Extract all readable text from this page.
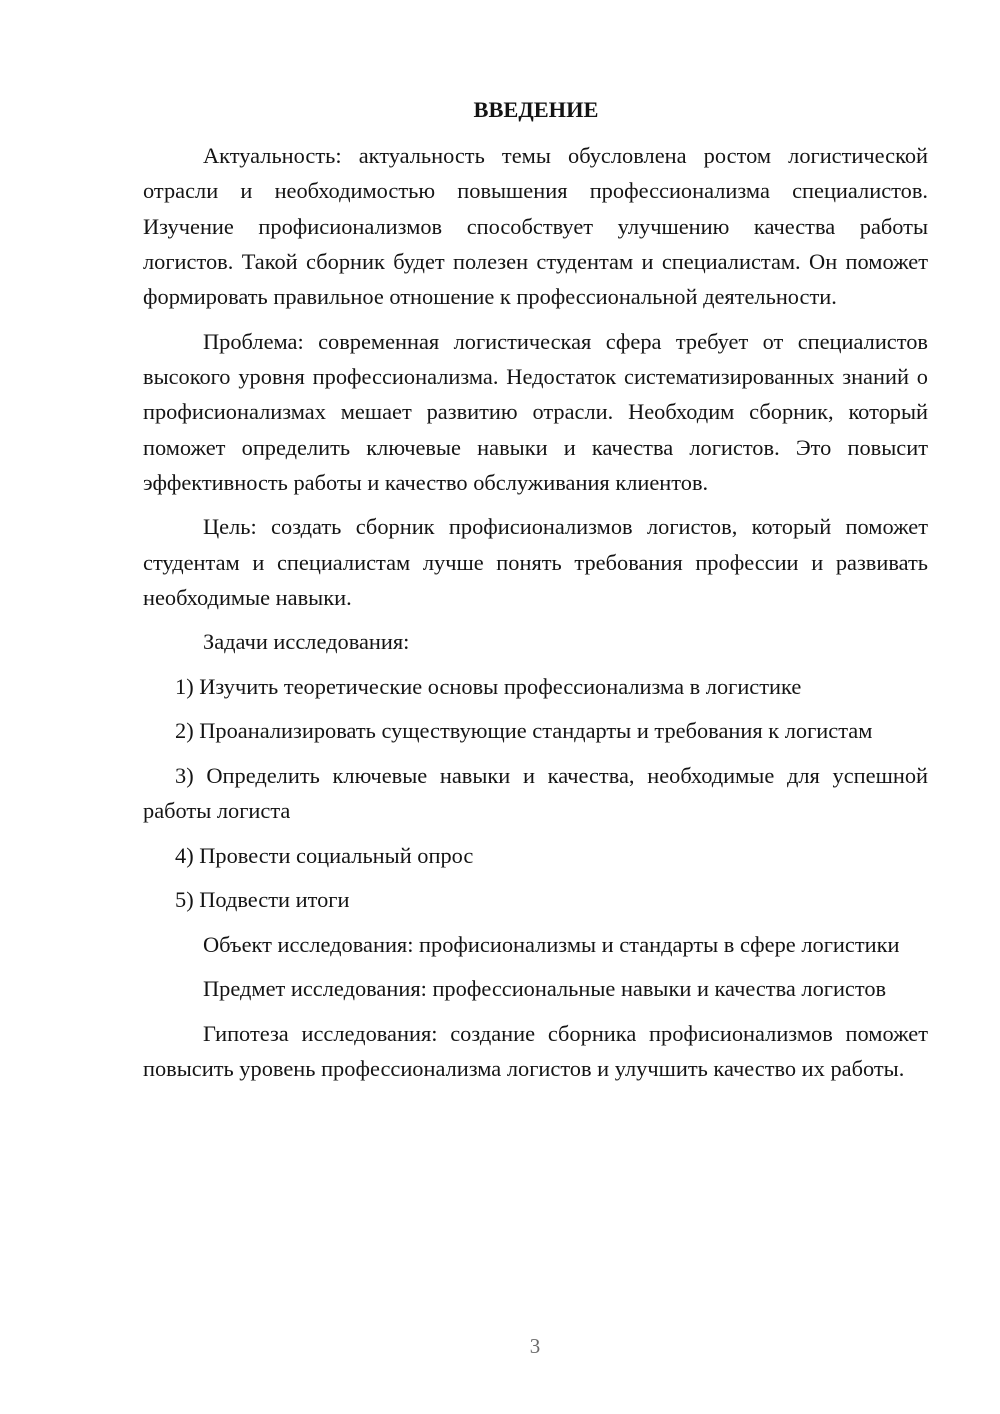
ВВЕДЕНИЕ

Актуальность: актуальность темы обусловлена ростом логистической отрасли и необходимостью повышения профессионализма специалистов. Изучение профисионализмов способствует улучшению качества работы логистов. Такой сборник будет полезен студентам и специалистам. Он поможет формировать правильное отношение к профессиональной деятельности.

Проблема: современная логистическая сфера требует от специалистов высокого уровня профессионализма. Недостаток систематизированных знаний о профисионализмах мешает развитию отрасли. Необходим сборник, который поможет определить ключевые навыки и качества логистов. Это повысит эффективность работы и качество обслуживания клиентов.

Цель: создать сборник профисионализмов логистов, который поможет студентам и специалистам лучше понять требования профессии и развивать необходимые навыки.

Задачи исследования:

1) Изучить теоретические основы профессионализма в логистике

2) Проанализировать существующие стандарты и требования к логистам

3) Определить ключевые навыки и качества, необходимые для успешной работы логиста

4) Провести социальный опрос

5) Подвести итоги

Объект исследования: профисионализмы и стандарты в сфере логистики

Предмет исследования: профессиональные навыки и качества логистов

Гипотеза исследования: создание сборника профисионализмов поможет повысить уровень профессионализма логистов и улучшить качество их работы.

3
